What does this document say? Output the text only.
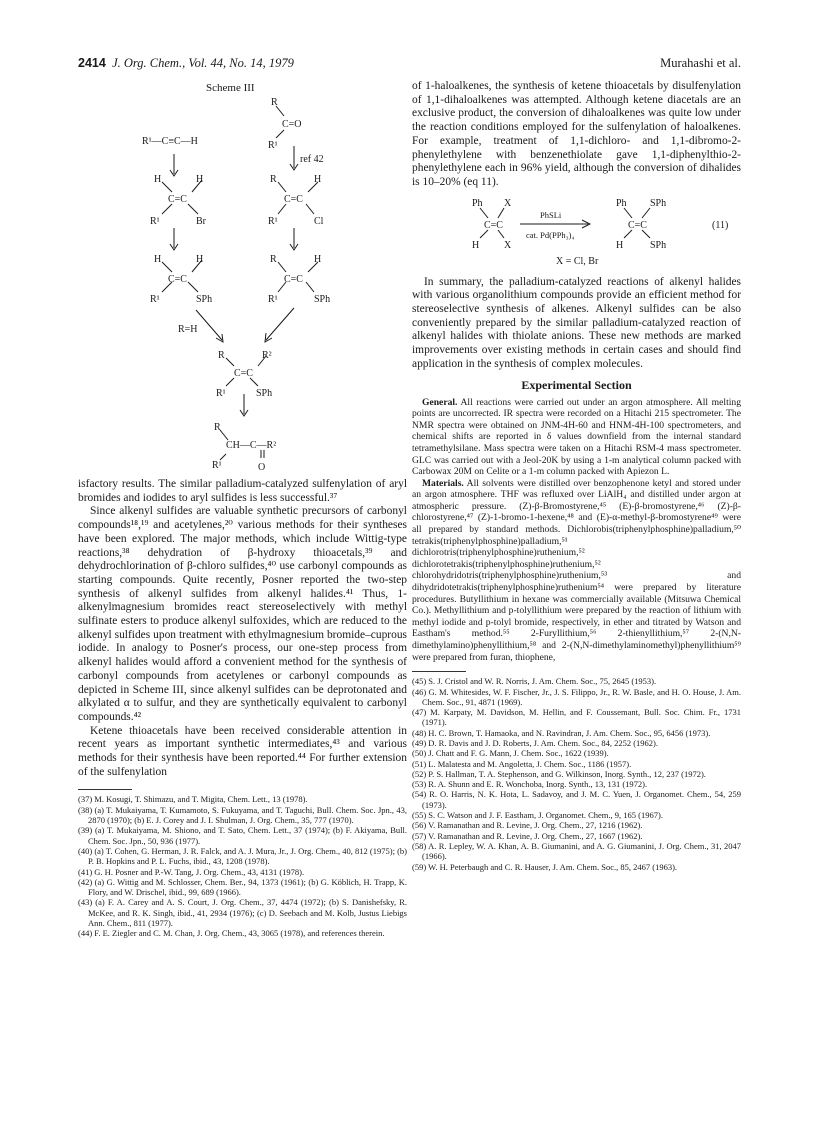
2414 J. Org. Chem., Vol. 44, No. 14, 1979	Murahashi et al.
Scheme III
R
C=O
R¹
R¹—C≡C—H
ref 42
H	H
C=C
R¹	Br
R	H
C=C
R¹	Cl
H	H
C=C
R¹	SPh
R	H
C=C
R¹	SPh
R=H
R	R²
C=C
R¹	SPh
R
CH—C—R²
R¹	O

isfactory results. The similar palladium-catalyzed sulfenylation of aryl bromides and iodides to aryl sulfides is less successful.³⁷

Since alkenyl sulfides are valuable synthetic precursors of carbonyl compounds¹⁸,¹⁹ and acetylenes,²⁰ various methods for their syntheses have been explored. The major methods, which include Wittig-type reactions,³⁸ dehydration of β-hydroxy thioacetals,³⁹ and dehydrochlorination of β-chloro sulfides,⁴⁰ use carbonyl compounds as starting compounds. Quite recently, Posner reported the two-step synthesis of alkenyl sulfides from alkenyl halides.⁴¹ Thus, 1-alkenylmagnesium bromides react stereoselectively with methyl sulfinate esters to produce alkenyl sulfoxides, which are reduced to the alkenyl sulfides upon treatment with ethylmagnesium bromide–cuprous iodide. In analogy to Posner's process, our one-step process from alkenyl halides would afford a convenient method for the synthesis of carbonyl compounds from acetylenes or carbonyl compounds as depicted in Scheme III, since alkenyl sulfides can be deprotonated and alkylated α to sulfur, and they are synthetically equivalent to carbonyl compounds.⁴²

Ketene thioacetals have been received considerable attention in recent years as important synthetic intermediates,⁴³ and various methods for their synthesis have been reported.⁴⁴ For further extension of the sulfenylation

(37) M. Kosugi, T. Shimazu, and T. Migita, Chem. Lett., 13 (1978).

(38) (a) T. Mukaiyama, T. Kumamoto, S. Fukuyama, and T. Taguchi, Bull. Chem. Soc. Jpn., 43, 2870 (1970); (b) E. J. Corey and J. I. Shulman, J. Org. Chem., 35, 777 (1970).

(39) (a) T. Mukaiyama, M. Shiono, and T. Sato, Chem. Lett., 37 (1974); (b) F. Akiyama, Bull. Chem. Soc. Jpn., 50, 936 (1977).

(40) (a) T. Cohen, G. Herman, J. R. Falck, and A. J. Mura, Jr., J. Org. Chem., 40, 812 (1975); (b) P. B. Hopkins and P. L. Fuchs, ibid., 43, 1208 (1978).

(41) G. H. Posner and P.-W. Tang, J. Org. Chem., 43, 4131 (1978).

(42) (a) G. Wittig and M. Schlosser, Chem. Ber., 94, 1373 (1961); (b) G. Köblich, H. Trapp, K. Flory, and W. Drischel, ibid., 99, 689 (1966).

(43) (a) F. A. Carey and A. S. Court, J. Org. Chem., 37, 4474 (1972); (b) S. Danishefsky, R. McKee, and R. K. Singh, ibid., 41, 2934 (1976); (c) D. Seebach and M. Kolb, Justus Liebigs Ann. Chem., 811 (1977).

(44) F. E. Ziegler and C. M. Chan, J. Org. Chem., 43, 3065 (1978), and references therein.

of 1-haloalkenes, the synthesis of ketene thioacetals by disulfenylation of 1,1-dihaloalkenes was attempted. Although ketene diacetals are an exclusive product, the conversion of dihaloalkenes was quite low under the reaction conditions employed for the sulfenylation of haloalkenes. For example, treatment of 1,1-dichloro- and 1,1-dibromo-2-phenylethylene with benzenethiolate gave 1,1-diphenylthio-2-phenylethylene each in 96% yield, although the conversion of dihalides is 10–20% (eq 11).

Ph X
C=C
H X
PhSLi
cat. Pd(PPh₃)₄
Ph SPh
C=C
H	SPh
(11)
X = Cl, Br

In summary, the palladium-catalyzed reactions of alkenyl halides with various organolithium compounds provide an efficient method for stereoselective synthesis of alkenes. Alkenyl sulfides can be also conveniently prepared by the similar palladium-catalyzed reaction of alkenyl halides with thiolate anions. These new methods are marked improvements over existing methods in certain cases and should find application in the synthesis of complex molecules.

Experimental Section

General. All reactions were carried out under an argon atmosphere. All melting points are uncorrected. IR spectra were recorded on a Hitachi 215 spectrometer. The NMR spectra were obtained on JNM-4H-60 and HNM-4H-100 spectrometers, and chemical shifts are reported in δ values downfield from the internal standard tetramethylsilane. Mass spectra were taken on a Hitachi RSM-4 mass spectrometer. GLC was carried out with a Jeol-20K by using a 1-m analytical column packed with Carbowax 20M on Celite or a 1-m column packed with Apiezon L.

Materials. All solvents were distilled over benzophenone ketyl and stored under an argon atmosphere. THF was refluxed over LiAlH₄ and distilled under argon at atmospheric pressure. (Z)-β-Bromostyrene,⁴⁵ (E)-β-bromostyrene,⁴⁶ (Z)-β-chlorostyrene,⁴⁷ (Z)-1-bromo-1-hexene,⁴⁸ and (E)-α-methyl-β-bromostyrene⁴⁹ were all prepared by standard methods. Dichlorobis(triphenylphosphine)palladium,⁵⁰ tetrakis(triphenylphosphine)palladium,⁵¹ dichlorotris(triphenylphosphine)ruthenium,⁵² dichlorotetrakis(triphenylphosphine)ruthenium,⁵² chlorohydridotris(triphenylphosphine)ruthenium,⁵³ and dihydridotetrakis(triphenylphosphine)ruthenium⁵⁴ were prepared by literature procedures. Butyllithium in hexane was commercially available (Mitsuwa Chemical Co.). Methyllithium and p-tolyllithium were prepared by the reaction of lithium with methyl iodide and p-tolyl bromide, respectively, in ether and titrated by Watson and Eastham's method.⁵⁵ 2-Furyllithium,⁵⁶ 2-thienyllithium,⁵⁷ 2-(N,N-dimethylamino)phenyllithium,⁵⁸ and 2-(N,N-dimethylaminomethyl)phenyllithium⁵⁹ were prepared from furan, thiophene,

(45) S. J. Cristol and W. R. Norris, J. Am. Chem. Soc., 75, 2645 (1953).

(46) G. M. Whitesides, W. F. Fischer, Jr., J. S. Filippo, Jr., R. W. Basle, and H. O. House, J. Am. Chem. Soc., 91, 4871 (1969).

(47) M. Karpaty, M. Davidson, M. Hellin, and F. Coussemant, Bull. Soc. Chim. Fr., 1731 (1971).

(48) H. C. Brown, T. Hamaoka, and N. Ravindran, J. Am. Chem. Soc., 95, 6456 (1973).

(49) D. R. Davis and J. D. Roberts, J. Am. Chem. Soc., 84, 2252 (1962).

(50) J. Chatt and F. G. Mann, J. Chem. Soc., 1622 (1939).

(51) L. Malatesta and M. Angoletta, J. Chem. Soc., 1186 (1957).

(52) P. S. Hallman, T. A. Stephenson, and G. Wilkinson, Inorg. Synth., 12, 237 (1972).

(53) R. A. Shunn and E. R. Wonchoba, Inorg. Synth., 13, 131 (1972).

(54) R. O. Harris, N. K. Hota, L. Sadavoy, and J. M. C. Yuen, J. Organomet. Chem., 54, 259 (1973).

(55) S. C. Watson and J. F. Eastham, J. Organomet. Chem., 9, 165 (1967).

(56) V. Ramanathan and R. Levine, J. Org. Chem., 27, 1216 (1962).

(57) V. Ramanathan and R. Levine, J. Org. Chem., 27, 1667 (1962).

(58) A. R. Lepley, W. A. Khan, A. B. Giumanini, and A. G. Giumanini, J. Org. Chem., 31, 2047 (1966).

(59) W. H. Peterbaugh and C. R. Hauser, J. Am. Chem. Soc., 85, 2467 (1963).
